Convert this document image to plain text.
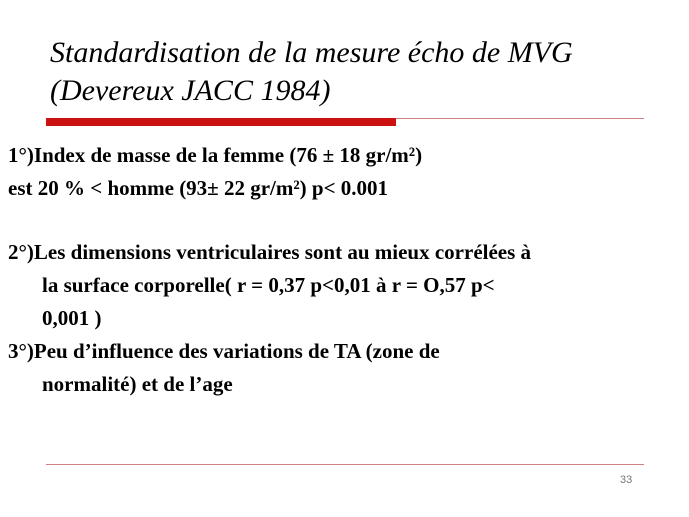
Standardisation de la mesure écho de MVG
(Devereux JACC 1984)
1°)Index de masse de la femme (76 ± 18 gr/m²)
est 20 % < homme (93± 22 gr/m²) p< 0.001
2°)Les dimensions ventriculaires sont au mieux corrélées à
la surface corporelle( r = 0,37 p<0,01 à r = O,57 p<
0,001 )
3°)Peu d’influence des variations de TA (zone de
normalité) et de l’age
33
